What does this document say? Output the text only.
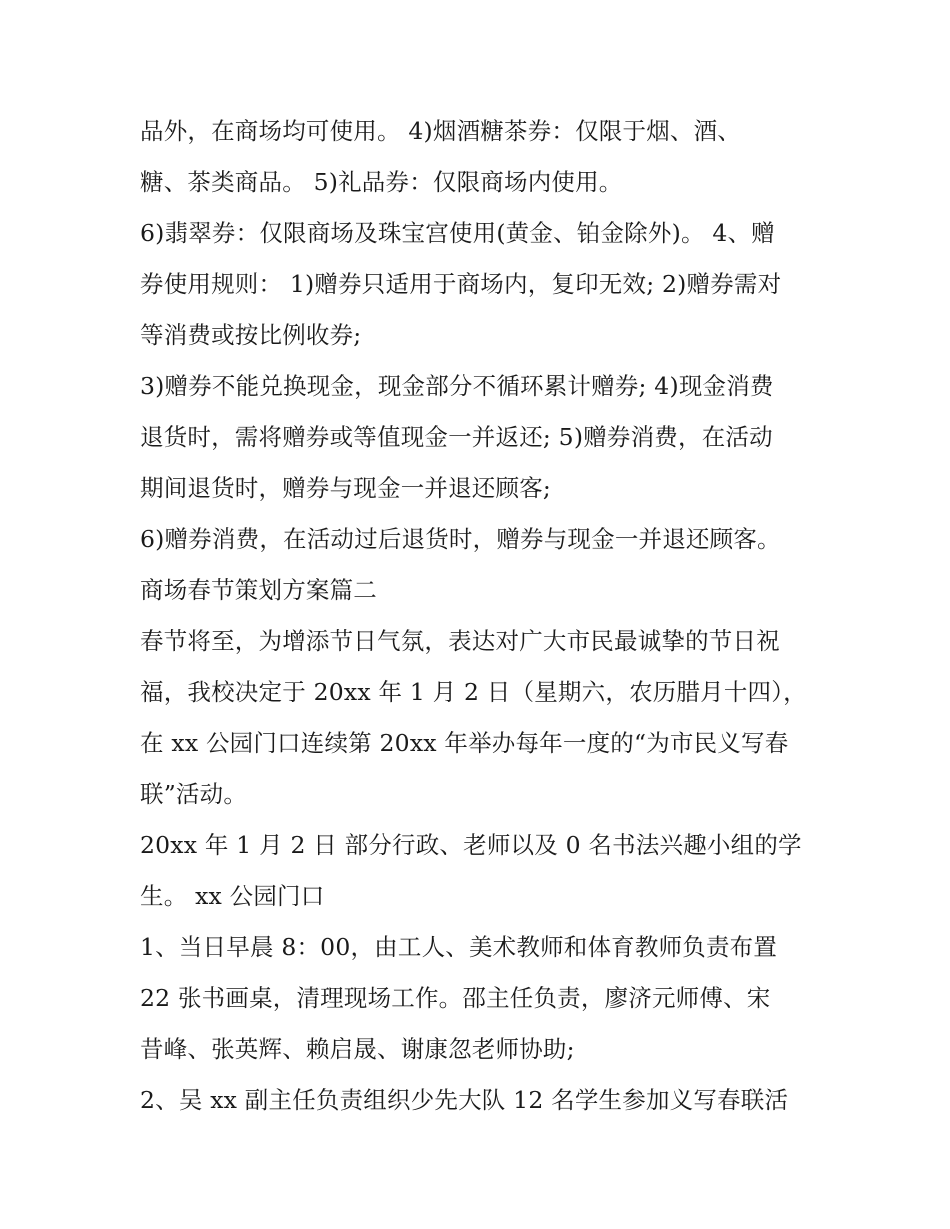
品外，在商场均可使用。 4)烟酒糖茶券：仅限于烟、酒、
糖、茶类商品。 5)礼品券：仅限商场内使用。
6)翡翠券：仅限商场及珠宝宫使用(黄金、铂金除外)。 4、赠
券使用规则： 1)赠券只适用于商场内，复印无效; 2)赠券需对
等消费或按比例收券;
3)赠券不能兑换现金，现金部分不循环累计赠券; 4)现金消费
退货时，需将赠券或等值现金一并返还; 5)赠券消费，在活动
期间退货时，赠券与现金一并退还顾客;
6)赠券消费，在活动过后退货时，赠券与现金一并退还顾客。
商场春节策划方案篇二
春节将至，为增添节日气氛，表达对广大市民最诚挚的节日祝
福，我校决定于 20xx 年 1 月 2 日（星期六，农历腊月十四），
在 xx 公园门口连续第 20xx 年举办每年一度的“为市民义写春
联”活动。
20xx 年 1 月 2 日 部分行政、老师以及 0 名书法兴趣小组的学
生。 xx 公园门口
1、当日早晨 8：00，由工人、美术教师和体育教师负责布置
22 张书画桌，清理现场工作。邵主任负责，廖济元师傅、宋
昔峰、张英辉、赖启晟、谢康忽老师协助;
2、吴 xx 副主任负责组织少先大队 12 名学生参加义写春联活
